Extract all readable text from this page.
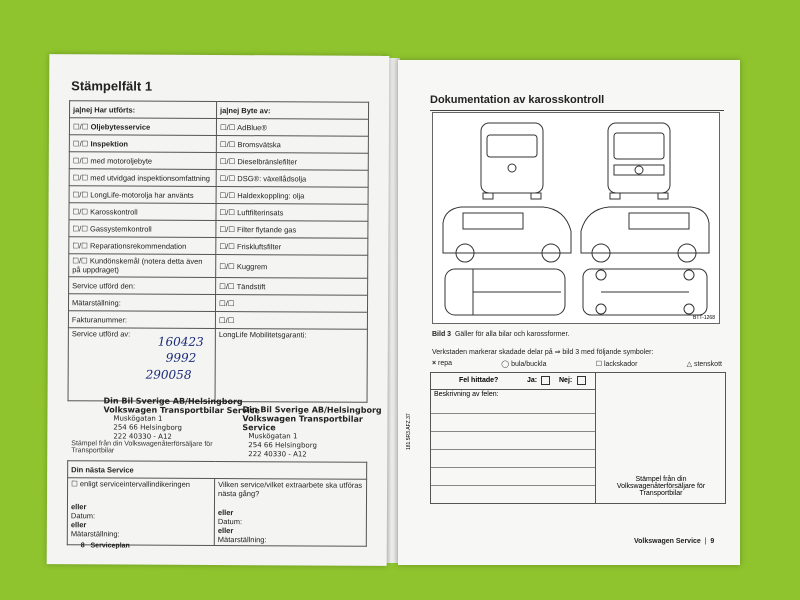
Stämpelfält 1
ja|nej Har utförts:	ja|nej Byte av:
☐/☐ Oljebytesservice	☐/☐ AdBlue®
☐/☐ Inspektion	☐/☐ Bromsvätska
☐/☐ med motoroljebyte	☐/☐ Dieselbränslefilter
☐/☐ med utvidgad inspektionsomfattning	☐/☐ DSG®: växellådsolja
☐/☐ LongLife-motorolja har använts	☐/☐ Haldexkoppling: olja
☐/☐ Karosskontroll	☐/☐ Luftfilterinsats
☐/☐ Gassystemkontroll	☐/☐ Filter flytande gas
☐/☐ Reparationsrekommendation	☐/☐ Friskluftsfilter
☐/☐ Kundönskemål (notera detta även på uppdraget)	☐/☐ Kuggrem
Service utförd den:	☐/☐ Tändstift
Mätarställning:	☐/☐
Fakturanummer:	☐/☐
Service utförd av:	LongLife Mobilitetsgaranti:
160423
9992
290058
Din Bil Sverige AB/Helsingborg
Volkswagen Transportbilar Service
Muskögatan 1
254 66 Helsingborg
222 40330 - A12
Din Bil Sverige AB/Helsingborg
Volkswagen Transportbilar Service
Muskögatan 1
254 66 Helsingborg
222 40330 - A12
Stämpel från din Volkswagenåterförsäljare för Transportbilar
Din nästa Service

☐ enligt serviceintervallindikeringen
eller
Datum:
eller
Mätarställning:

Vilken service/vilket extraarbete ska utföras nästa gång?
eller
Datum:
eller
Mätarställning:
8 Serviceplan
Dokumentation av karosskontroll
BTT-1268
Bild 3 Gäller för alla bilar och karossformer.
Verkstaden markerar skadade delar på ⇒ bild 3 med följande symboler:
× repa	◯ bula/buckla	☐ lackskador	△ stenskott
Fel hittade?	Ja:	Nej:
Beskrivning av felen:
Stämpel från din Volkswagenåterförsäljare för Transportbilar
181.5R3.AFZ.37
Volkswagen Service  |  9
